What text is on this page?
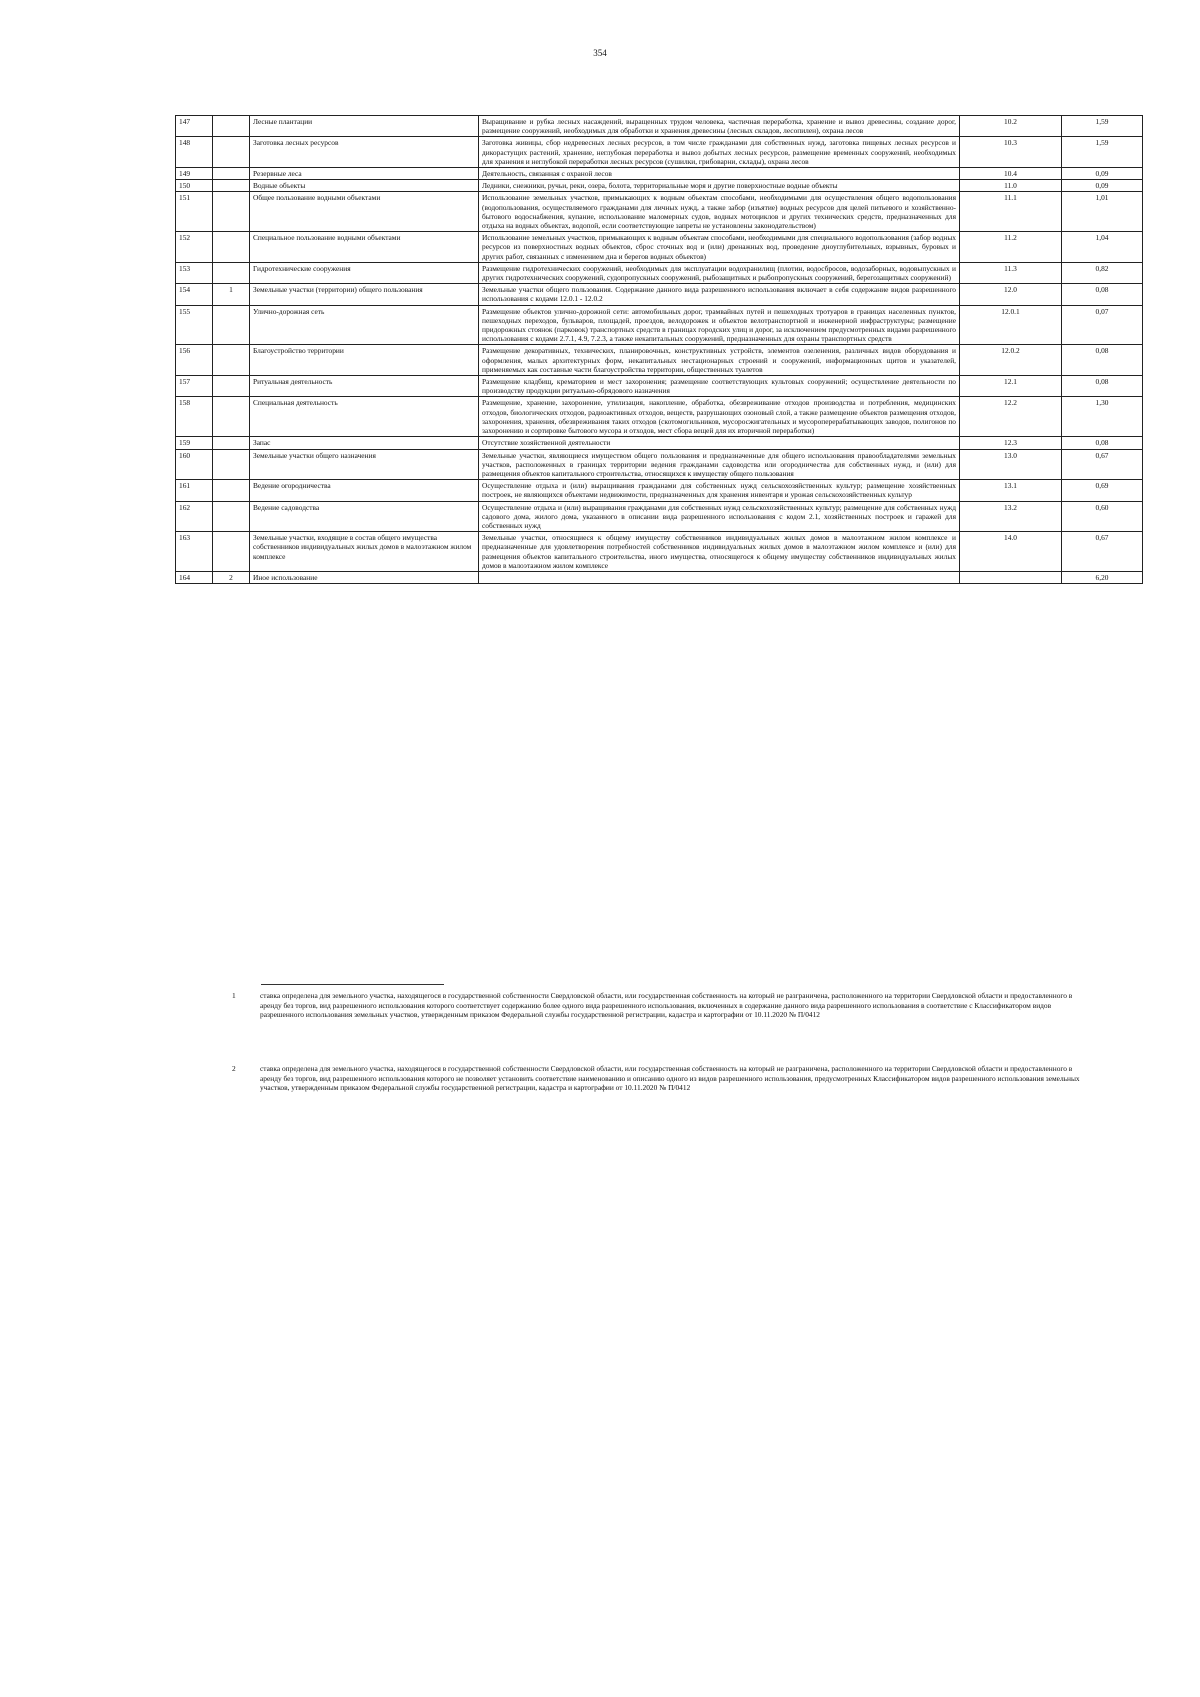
354
147		Лесные плантации	Выращивание и рубка лесных насаждений, выращенных трудом человека, частичная переработка, хранение и вывоз древесины, создание дорог, размещение сооружений, необходимых для обработки и хранения древесины (лесных складов, лесопилен), охрана лесов	10.2	1,59
148		Заготовка лесных ресурсов	Заготовка живицы, сбор недревесных лесных ресурсов, в том числе гражданами для собственных нужд, заготовка пищевых лесных ресурсов и дикорастущих растений, хранение, неглубокая переработка и вывоз добытых лесных ресурсов, размещение временных сооружений, необходимых для хранения и неглубокой переработки лесных ресурсов (сушилки, грибоварни, склады), охрана лесов	10.3	1,59
149		Резервные леса	Деятельность, связанная с охраной лесов	10.4	0,09
150		Водные объекты	Ледники, снежники, ручьи, реки, озера, болота, территориальные моря и другие поверхностные водные объекты	11.0	0,09
151		Общее пользование водными объектами	Использование земельных участков, примыкающих к водным объектам способами, необходимыми для осуществления общего водопользования (водопользования, осуществляемого гражданами для личных нужд, а также забор (изъятие) водных ресурсов для целей питьевого и хозяйственно-бытового водоснабжения, купание, использование маломерных судов, водных мотоциклов и других технических средств, предназначенных для отдыха на водных объектах, водопой, если соответствующие запреты не установлены законодательством)	11.1	1,01
152		Специальное пользование водными объектами	Использование земельных участков, примыкающих к водным объектам способами, необходимыми для специального водопользования (забор водных ресурсов из поверхностных водных объектов, сброс сточных вод и (или) дренажных вод, проведение дноуглубительных, взрывных, буровых и других работ, связанных с изменением дна и берегов водных объектов)	11.2	1,04
153		Гидротехнические сооружения	Размещение гидротехнических сооружений, необходимых для эксплуатации водохранилищ (плотин, водосбросов, водозаборных, водовыпускных и других гидротехнических сооружений, судопропускных сооружений, рыбозащитных и рыбопропускных сооружений, берегозащитных сооружений)	11.3	0,82
154	1	Земельные участки (территории) общего пользования	Земельные участки общего пользования. Содержание данного вида разрешенного использования включает в себя содержание видов разрешенного использования с кодами 12.0.1 - 12.0.2	12.0	0,08
155		Улично-дорожная сеть	Размещение объектов улично-дорожной сети: автомобильных дорог, трамвайных путей и пешеходных тротуаров в границах населенных пунктов, пешеходных переходов, бульваров, площадей, проездов, велодорожек и объектов велотранспортной и инженерной инфраструктуры; размещение придорожных стоянок (парковок) транспортных средств в границах городских улиц и дорог, за исключением предусмотренных видами разрешенного использования с кодами 2.7.1, 4.9, 7.2.3, а также некапитальных сооружений, предназначенных для охраны транспортных средств	12.0.1	0,07
156		Благоустройство территории	Размещение декоративных, технических, планировочных, конструктивных устройств, элементов озеленения, различных видов оборудования и оформления, малых архитектурных форм, некапитальных нестационарных строений и сооружений, информационных щитов и указателей, применяемых как составные части благоустройства территории, общественных туалетов	12.0.2	0,08
157		Ритуальная деятельность	Размещение кладбищ, крематориев и мест захоронения; размещение соответствующих культовых сооружений; осуществление деятельности по производству продукции ритуально-обрядового назначения	12.1	0,08
158		Специальная деятельность	Размещение, хранение, захоронение, утилизация, накопление, обработка, обезвреживание отходов производства и потребления, медицинских отходов, биологических отходов, радиоактивных отходов, веществ, разрушающих озоновый слой, а также размещение объектов размещения отходов, захоронения, хранения, обезвреживания таких отходов (скотомогильников, мусоросжигательных и мусороперерабатывающих заводов, полигонов по захоронению и сортировке бытового мусора и отходов, мест сбора вещей для их вторичной переработки)	12.2	1,30
159		Запас	Отсутствие хозяйственной деятельности	12.3	0,08
160		Земельные участки общего назначения	Земельные участки, являющиеся имуществом общего пользования и предназначенные для общего использования правообладателями земельных участков, расположенных в границах территории ведения гражданами садоводства или огородничества для собственных нужд, и (или) для размещения объектов капитального строительства, относящихся к имуществу общего пользования	13.0	0,67
161		Ведение огородничества	Осуществление отдыха и (или) выращивания гражданами для собственных нужд сельскохозяйственных культур; размещение хозяйственных построек, не являющихся объектами недвижимости, предназначенных для хранения инвентаря и урожая сельскохозяйственных культур	13.1	0,69
162		Ведение садоводства	Осуществление отдыха и (или) выращивания гражданами для собственных нужд сельскохозяйственных культур; размещение для собственных нужд садового дома, жилого дома, указанного в описании вида разрешенного использования с кодом 2.1, хозяйственных построек и гаражей для собственных нужд	13.2	0,60
163		Земельные участки, входящие в состав общего имущества собственников индивидуальных жилых домов в малоэтажном жилом комплексе	Земельные участки, относящиеся к общему имуществу собственников индивидуальных жилых домов в малоэтажном жилом комплексе и предназначенные для удовлетворения потребностей собственников индивидуальных жилых домов в малоэтажном жилом комплексе и (или) для размещения объектов капитального строительства, иного имущества, относящегося к общему имуществу собственников индивидуальных жилых домов в малоэтажном жилом комплексе	14.0	0,67
164	2	Иное использование			6,20
1	ставка определена для земельного участка, находящегося в государственной собственности Свердловской области, или государственная собственность на который не разграничена, расположенного на территории Свердловской области и предоставленного в аренду без торгов, вид разрешенного использования которого соответствует содержанию более одного вида разрешенного использования, включенных в содержание данного вида разрешенного использования в соответствие с Классификатором видов разрешенного использования земельных участков, утвержденным приказом Федеральной службы государственной регистрации, кадастра и картографии от 10.11.2020 № П/0412
2	ставка определена для земельного участка, находящегося в государственной собственности Свердловской области, или государственная собственность на который не разграничена, расположенного на территории Свердловской области и предоставленного в аренду без торгов, вид разрешенного использования которого не позволяет установить соответствие наименованию и описанию одного из видов разрешенного использования, предусмотренных Классификатором видов разрешенного использования земельных участков, утвержденным приказом Федеральной службы государственной регистрации, кадастра и картографии от 10.11.2020 № П/0412
